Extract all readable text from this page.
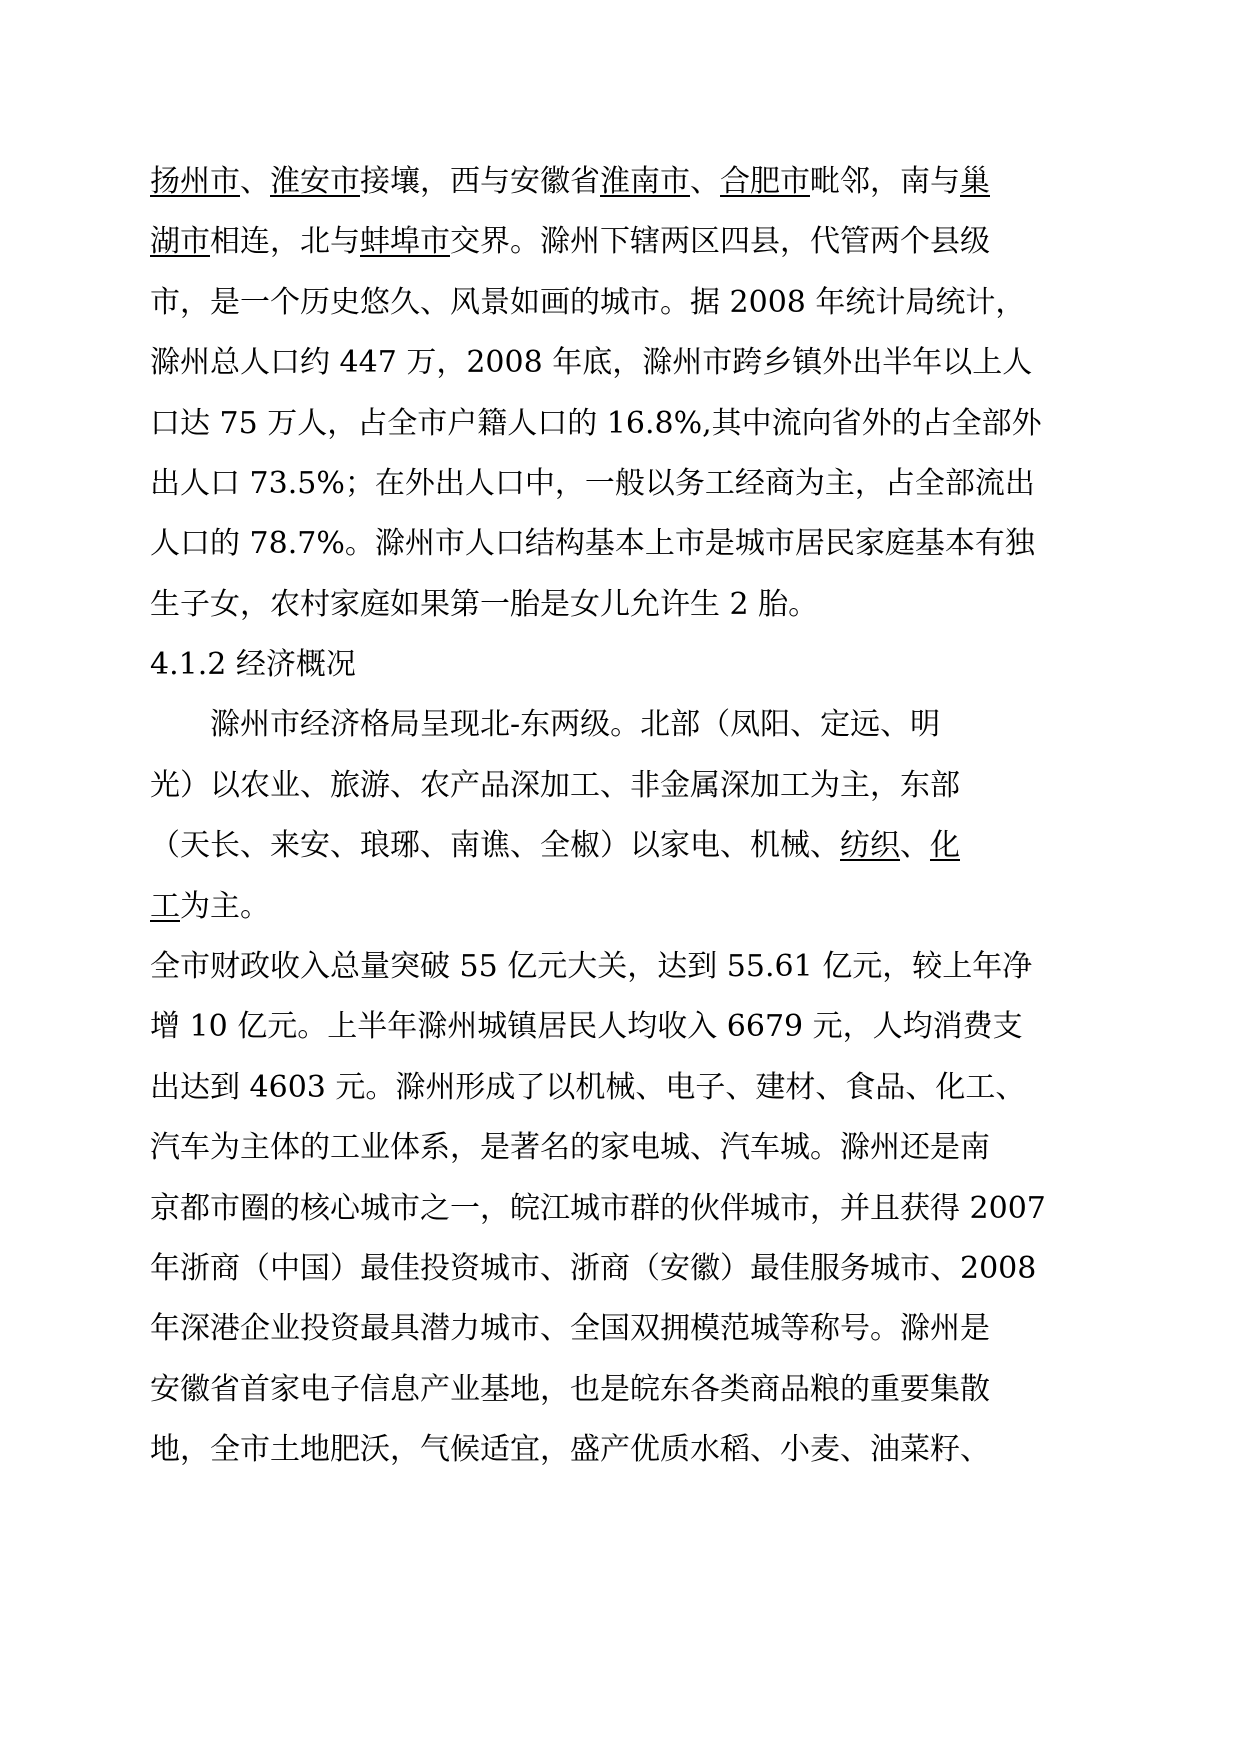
扬州市、淮安市接壤，西与安徽省淮南市、合肥市毗邻，南与巢
湖市相连，北与蚌埠市交界。滁州下辖两区四县，代管两个县级
市，是一个历史悠久、风景如画的城市。据 2008 年统计局统计，
滁州总人口约 447 万，2008 年底，滁州市跨乡镇外出半年以上人
口达 75 万人，占全市户籍人口的 16.8%,其中流向省外的占全部外
出人口 73.5%；在外出人口中，一般以务工经商为主，占全部流出
人口的 78.7%。滁州市人口结构基本上市是城市居民家庭基本有独
生子女，农村家庭如果第一胎是女儿允许生 2 胎。
4.1.2 经济概况
　　滁州市经济格局呈现北-东两级。北部（凤阳、定远、明
光）以农业、旅游、农产品深加工、非金属深加工为主，东部
（天长、来安、琅琊、南谯、全椒）以家电、机械、纺织、化
工为主。
全市财政收入总量突破 55 亿元大关，达到 55.61 亿元，较上年净
增 10 亿元。上半年滁州城镇居民人均收入 6679 元，人均消费支
出达到 4603 元。滁州形成了以机械、电子、建材、食品、化工、
汽车为主体的工业体系，是著名的家电城、汽车城。滁州还是南
京都市圈的核心城市之一，皖江城市群的伙伴城市，并且获得 2007
年浙商（中国）最佳投资城市、浙商（安徽）最佳服务城市、2008
年深港企业投资最具潜力城市、全国双拥模范城等称号。滁州是
安徽省首家电子信息产业基地，也是皖东各类商品粮的重要集散
地，全市土地肥沃，气候适宜，盛产优质水稻、小麦、油菜籽、
